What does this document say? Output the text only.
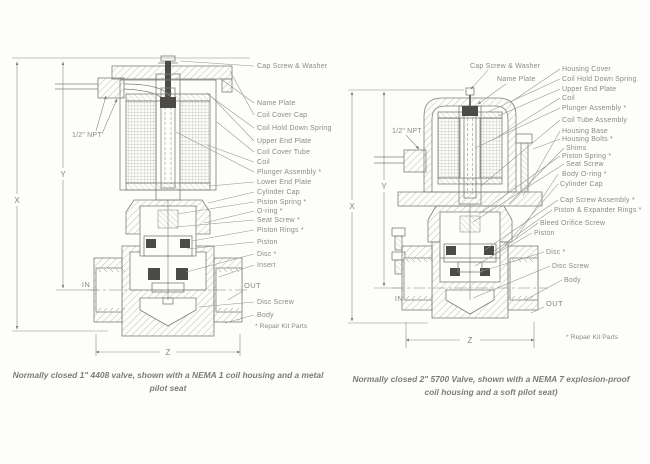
X
Y
Z
1/2" NPT
IN	OUT
Cap Screw & Washer
Name Plate
Coil Cover Cap
Coil Hold Down Spring
Upper End Plate
Coil Cover Tube
Coil
Plunger Assembly *
Lower End Plate
Cylinder Cap
Piston Spring *
O-ring *
Seat Screw *
Piston Rings *
Piston
Disc *
Insert
Disc Screw
Body
* Repair Kit Parts
X
Y
Z
1/2" NPT
IN
OUT
Cap Screw & Washer
Name Plate
Housing Cover
Coil Hold Down Spring
Upper End Plate
Coil
Plunger Assembly *
Coil Tube Assembly
Housing Base
Housing Bolts *
Shims
Piston Spring *
Seat Screw
Body O-ring *
Cylinder Cap
Cap Screw Assembly *
Piston & Expander Rings *
Bleed Orifice Screw
Piston
Disc *
Disc Screw
Body
* Repair Kit Parts
Normally closed 1" 4408 valve, shown with a NEMA 1 coil housing and a metal pilot seat
Normally closed 2" 5700 Valve, shown with a NEMA 7 explosion-proof coil housing and a soft pilot seat)
